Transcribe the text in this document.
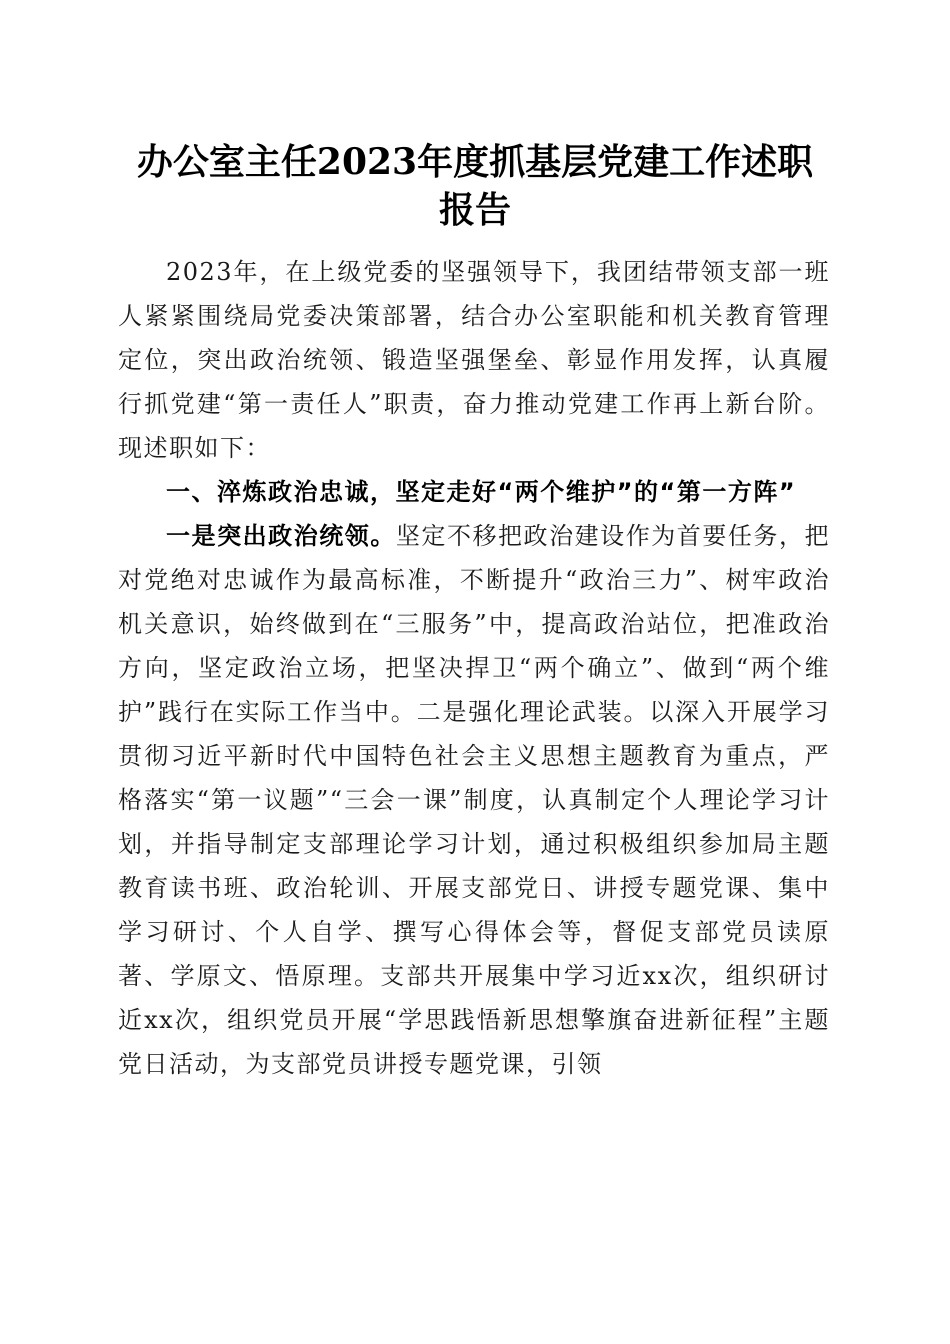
办公室主任2023年度抓基层党建工作述职报告

2023年，在上级党委的坚强领导下，我团结带领支部一班人紧紧围绕局党委决策部署，结合办公室职能和机关教育管理定位，突出政治统领、锻造坚强堡垒、彰显作用发挥，认真履行抓党建“第一责任人”职责，奋力推动党建工作再上新台阶。现述职如下：

一、淬炼政治忠诚，坚定走好“两个维护”的“第一方阵”

一是突出政治统领。坚定不移把政治建设作为首要任务，把对党绝对忠诚作为最高标准，不断提升“政治三力”、树牢政治机关意识，始终做到在“三服务”中，提高政治站位，把准政治方向，坚定政治立场，把坚决捍卫“两个确立”、做到“两个维护”践行在实际工作当中。二是强化理论武装。以深入开展学习贯彻习近平新时代中国特色社会主义思想主题教育为重点，严格落实“第一议题”“三会一课”制度，认真制定个人理论学习计划，并指导制定支部理论学习计划，通过积极组织参加局主题教育读书班、政治轮训、开展支部党日、讲授专题党课、集中学习研讨、个人自学、撰写心得体会等，督促支部党员读原著、学原文、悟原理。支部共开展集中学习近xx次，组织研讨近xx次，组织党员开展“学思践悟新思想擎旗奋进新征程”主题党日活动，为支部党员讲授专题党课，引领
